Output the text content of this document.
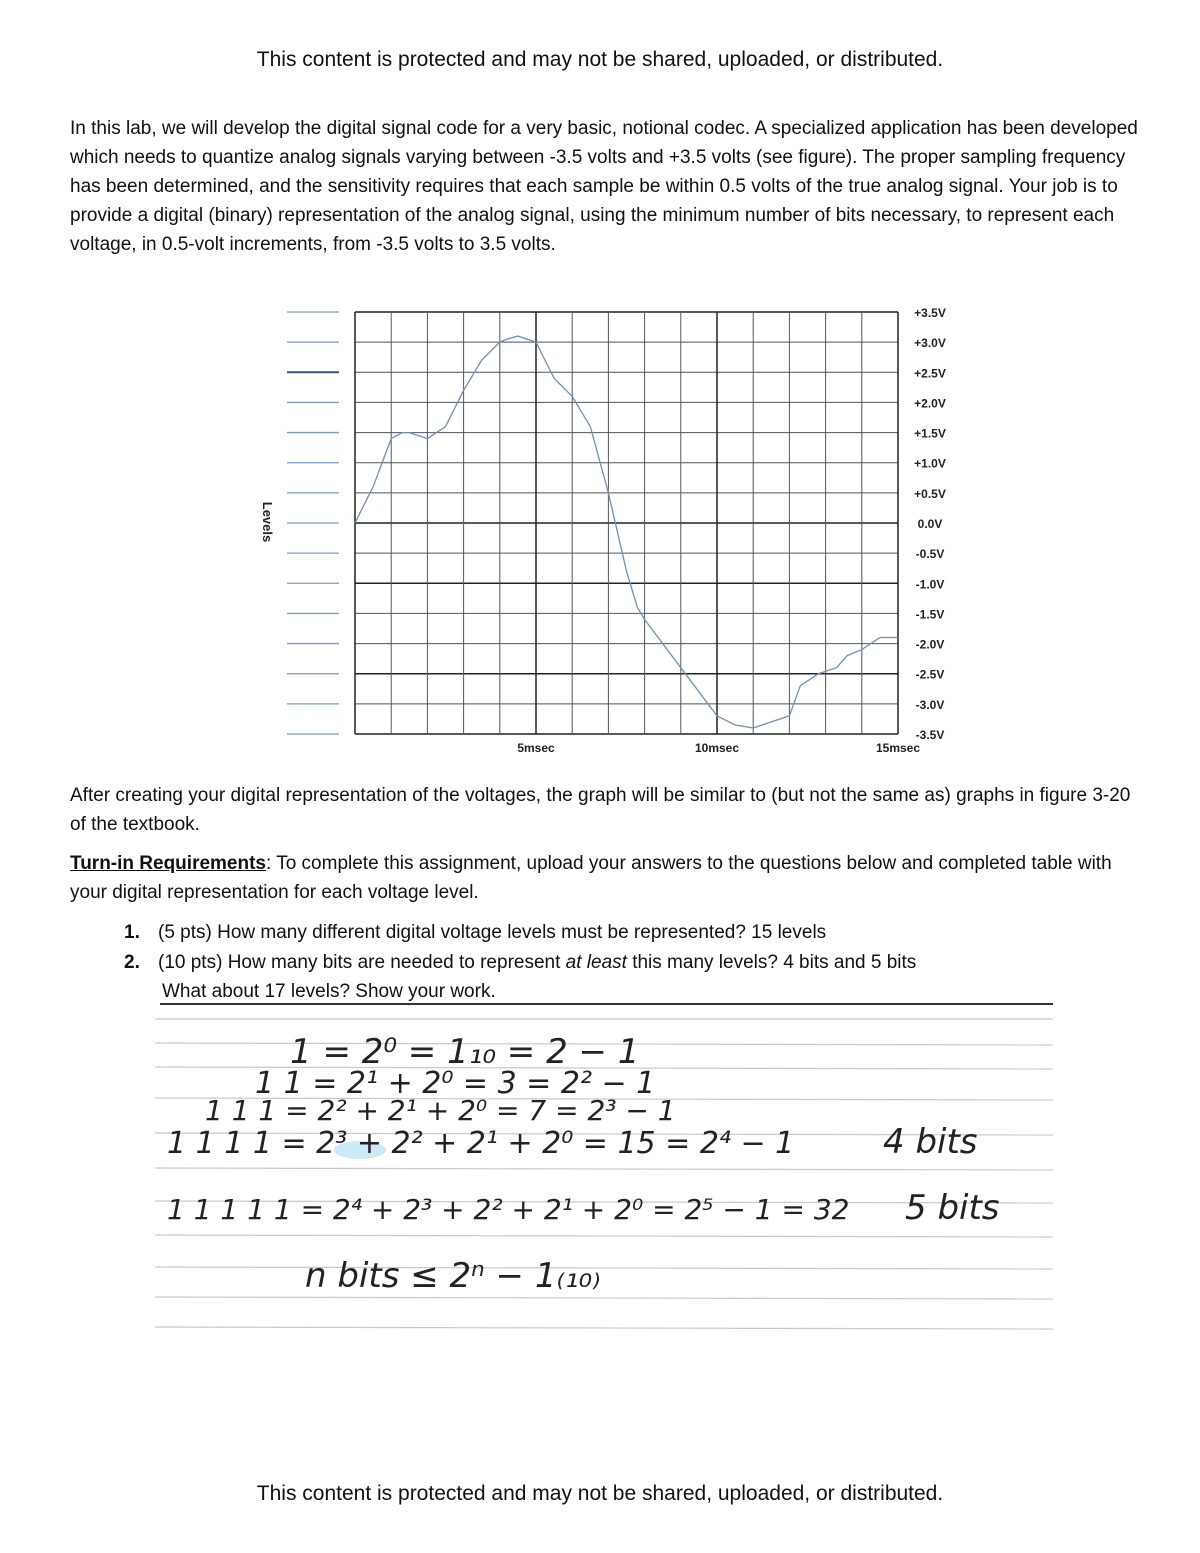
This content is protected and may not be shared, uploaded, or distributed.
In this lab, we will develop the digital signal code for a very basic, notional codec. A specialized application has been developed which needs to quantize analog signals varying between -3.5 volts and +3.5 volts (see figure). The proper sampling frequency has been determined, and the sensitivity requires that each sample be within 0.5 volts of the true analog signal. Your job is to provide a digital (binary) representation of the analog signal, using the minimum number of bits necessary, to represent each voltage, in 0.5-volt increments, from -3.5 volts to 3.5 volts.
+3.5V
+3.0V
+2.5V
+2.0V
+1.5V
+1.0V
+0.5V
0.0V
-0.5V
-1.0V
-1.5V
-2.0V
-2.5V
-3.0V
-3.5V
5msec	10msec	15msec
Levels
After creating your digital representation of the voltages, the graph will be similar to (but not the same as) graphs in figure 3-20 of the textbook.
Turn-in Requirements: To complete this assignment, upload your answers to the questions below and completed table with your digital representation for each voltage level.
1. (5 pts) How many different digital voltage levels must be represented? 15 levels
2. (10 pts) How many bits are needed to represent at least this many levels? 4 bits and 5 bits
What about 17 levels? Show your work.
1 = 2⁰ = 1₁₀ = 2 − 1
1 1 = 2¹ + 2⁰ = 3 = 2² − 1
1 1 1 = 2² + 2¹ + 2⁰ = 7 = 2³ − 1
1 1 1 1 = 2³ + 2² + 2¹ + 2⁰ = 15 = 2⁴ − 1	4 bits
1 1 1 1 1 = 2⁴ + 2³ + 2² + 2¹ + 2⁰ = 2⁵ − 1 = 32 5 bits
n bits ≤ 2ⁿ − 1₍₁₀₎
This content is protected and may not be shared, uploaded, or distributed.
